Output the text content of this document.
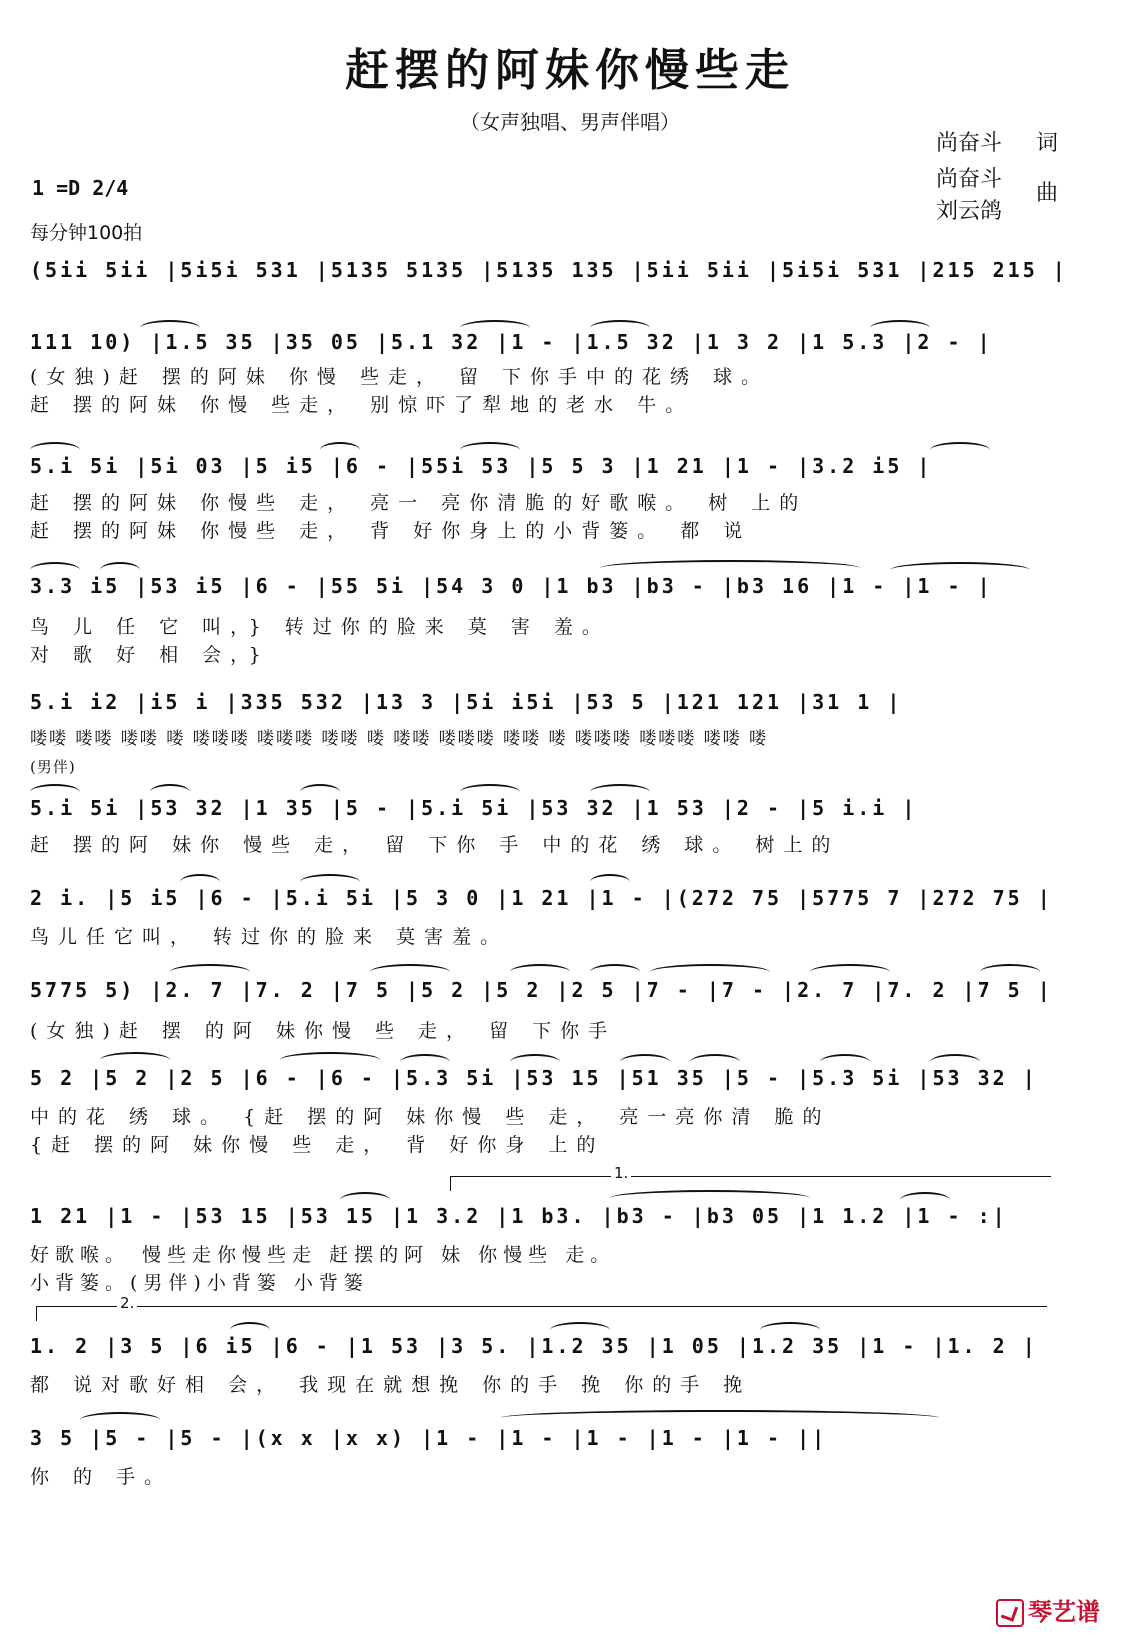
赶摆的阿妹你慢些走
（女声独唱、男声伴唱）
尚奋斗 词
尚奋斗
刘云鸽
曲
1 =D 2/4
每分钟100拍
(5ii 5ii |5i5i 531 |5135 5135 |5135 135 |5ii 5ii |5i5i 531 |215 215 |
111 10) |1.5 35 |35 05 |5.1 32 |1 - |1.5 32 |1 3 2 |1 5.3 |2 - |
(女独)赶 摆的阿妹 你慢 些走， 留 下你手中的花绣 球。
赶 摆的阿妹 你慢 些走， 别惊吓了犁地的老水 牛。
5.i 5i |5i 03 |5 i5 |6 - |55i 53 |5 5 3 |1 21 |1 - |3.2 i5 |
赶 摆的阿妹 你慢些 走， 亮一 亮你清脆的好歌喉。 树 上的
赶 摆的阿妹 你慢些 走， 背 好你身上的小背篓。 都 说
3.3 i5 |53 i5 |6 - |55 5i |54 3 0 |1 b3 |b3 - |b3 16 |1 - |1 - |
鸟 儿 任 它 叫，} 转过你的脸来 莫 害 羞。
对 歌 好 相 会，}
5.i i2 |i5 i |335 532 |13 3 |5i i5i |53 5 |121 121 |31 1 |
喽喽 喽喽 喽喽 喽 喽喽喽 喽喽喽 喽喽 喽 喽喽 喽喽喽 喽喽 喽 喽喽喽 喽喽喽 喽喽 喽
(男伴)
5.i 5i |53 32 |1 35 |5 - |5.i 5i |53 32 |1 53 |2 - |5 i.i |
赶 摆的阿 妹你 慢些 走， 留 下你 手 中的花 绣 球。 树上的
2 i. |5 i5 |6 - |5.i 5i |5 3 0 |1 21 |1 - |(272 75 |5775 7 |272 75 |
鸟儿任它叫， 转过你的脸来 莫害羞。
5775 5) |2. 7 |7. 2 |7 5 |5 2 |5 2 |2 5 |7 - |7 - |2. 7 |7. 2 |7 5 |
(女独)赶 摆 的阿 妹你慢 些 走， 留 下你手
5 2 |5 2 |2 5 |6 - |6 - |5.3 5i |53 15 |51 35 |5 - |5.3 5i |53 32 |
中的花 绣 球。 {赶 摆的阿 妹你慢 些 走， 亮一亮你清 脆的
{赶 摆的阿 妹你慢 些 走， 背 好你身 上的
1.
1 21 |1 - |53 15 |53 15 |1 3.2 |1 b3. |b3 - |b3 05 |1 1.2 |1 - :|
好歌喉。 慢些走你慢些走 赶摆的阿 妹 你慢些 走。
小背篓。(男伴)小背篓 小背篓
2.
1. 2 |3 5 |6 i5 |6 - |1 53 |3 5. |1.2 35 |1 05 |1.2 35 |1 - |1. 2 |
都 说对歌好相 会， 我现在就想挽 你的手 挽 你的手 挽
3 5 |5 - |5 - |(x x |x x) |1 - |1 - |1 - |1 - |1 - ||
你 的 手。
琴艺谱
